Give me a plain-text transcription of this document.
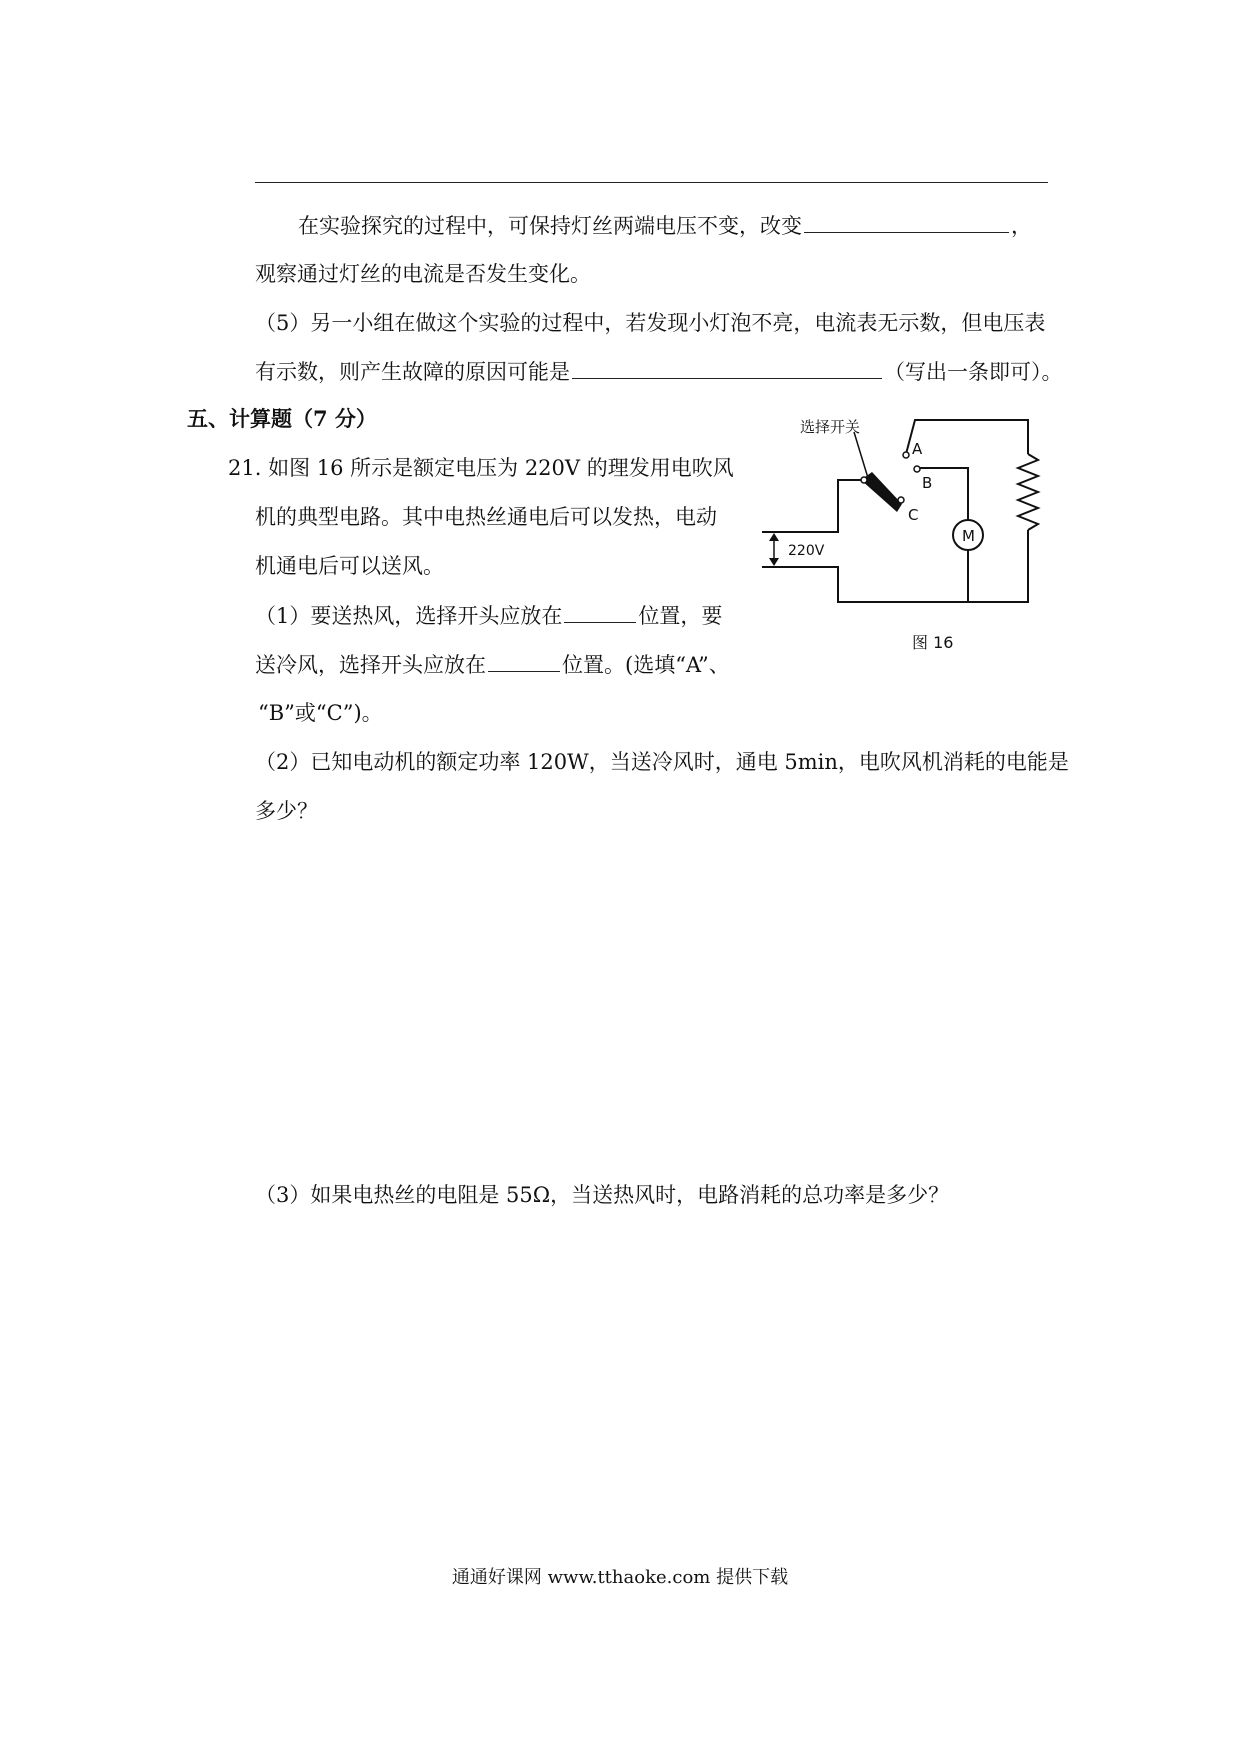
在实验探究的过程中，可保持灯丝两端电压不变，改变	，
观察通过灯丝的电流是否发生变化。
（5）另一小组在做这个实验的过程中，若发现小灯泡不亮，电流表无示数，但电压表
有示数，则产生故障的原因可能是	（写出一条即可）。
五、计算题（7 分）
21. 如图 16 所示是额定电压为 220V 的理发用电吹风
机的典型电路。其中电热丝通电后可以发热，电动
机通电后可以送风。
（1）要送热风，选择开头应放在	位置，要
送冷风，选择开头应放在	位置。(选填“A”、
“B”或“C”)。
（2）已知电动机的额定功率 120W，当送冷风时，通电 5min，电吹风机消耗的电能是
多少？
（3）如果电热丝的电阻是 55Ω，当送热风时，电路消耗的总功率是多少？
选择开关
A
B
C
220V
M
图 16
通通好课网 www.tthaoke.com 提供下载
